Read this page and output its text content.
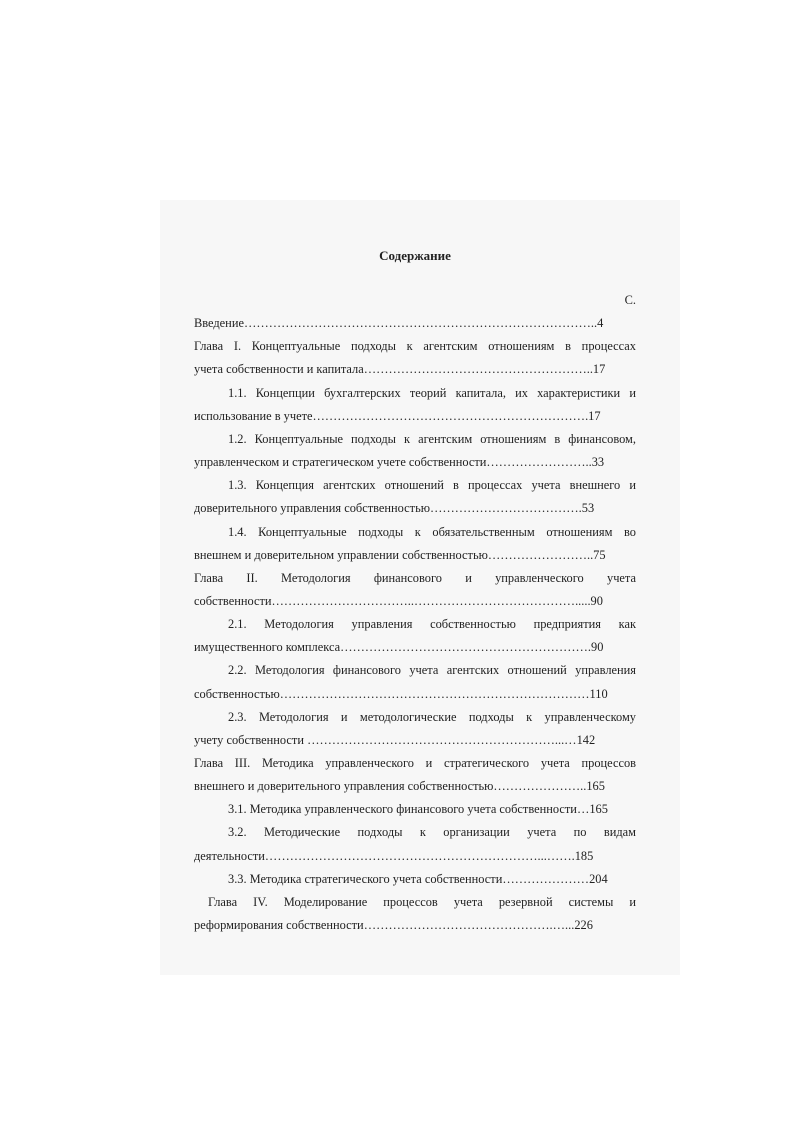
Содержание
С.
Введение…………………………………………………………………………..4
Глава I. Концептуальные подходы к агентским отношениям в процессах
учета собственности и капитала………………………………………………..17
1.1. Концепции бухгалтерских теорий капитала, их характеристики и
использование в учете………………………………………………………….17
1.2. Концептуальные подходы к агентским отношениям в финансовом,
управленческом и стратегическом учете собственности……………………..33
1.3. Концепция агентских отношений в процессах учета внешнего и
доверительного управления собственностью……………………………….53
1.4. Концептуальные подходы к обязательственным отношениям во
внешнем и доверительном управлении собственностью……………………..75
Глава II. Методология финансового и управленческого учета
собственности……………………………..………………………………….....90
2.1. Методология управления собственностью предприятия как
имущественного комплекса…………………………………………………….90
2.2. Методология финансового учета агентских отношений управления
собственностью…………………………………………………………………110
2.3. Методология и методологические подходы к управленческому
учету собственности ……………………………………………………...…142
Глава III. Методика управленческого и стратегического учета процессов
внешнего и доверительного управления собственностью…………………..165
3.1. Методика управленческого финансового учета собственности…165
3.2. Методические подходы к организации учета по видам
деятельности…………………………………………………………...…….185
3.3. Методика стратегического учета собственности…………………204
Глава IV. Моделирование процессов учета резервной системы и
реформирования собственности……………………………………….…...226
